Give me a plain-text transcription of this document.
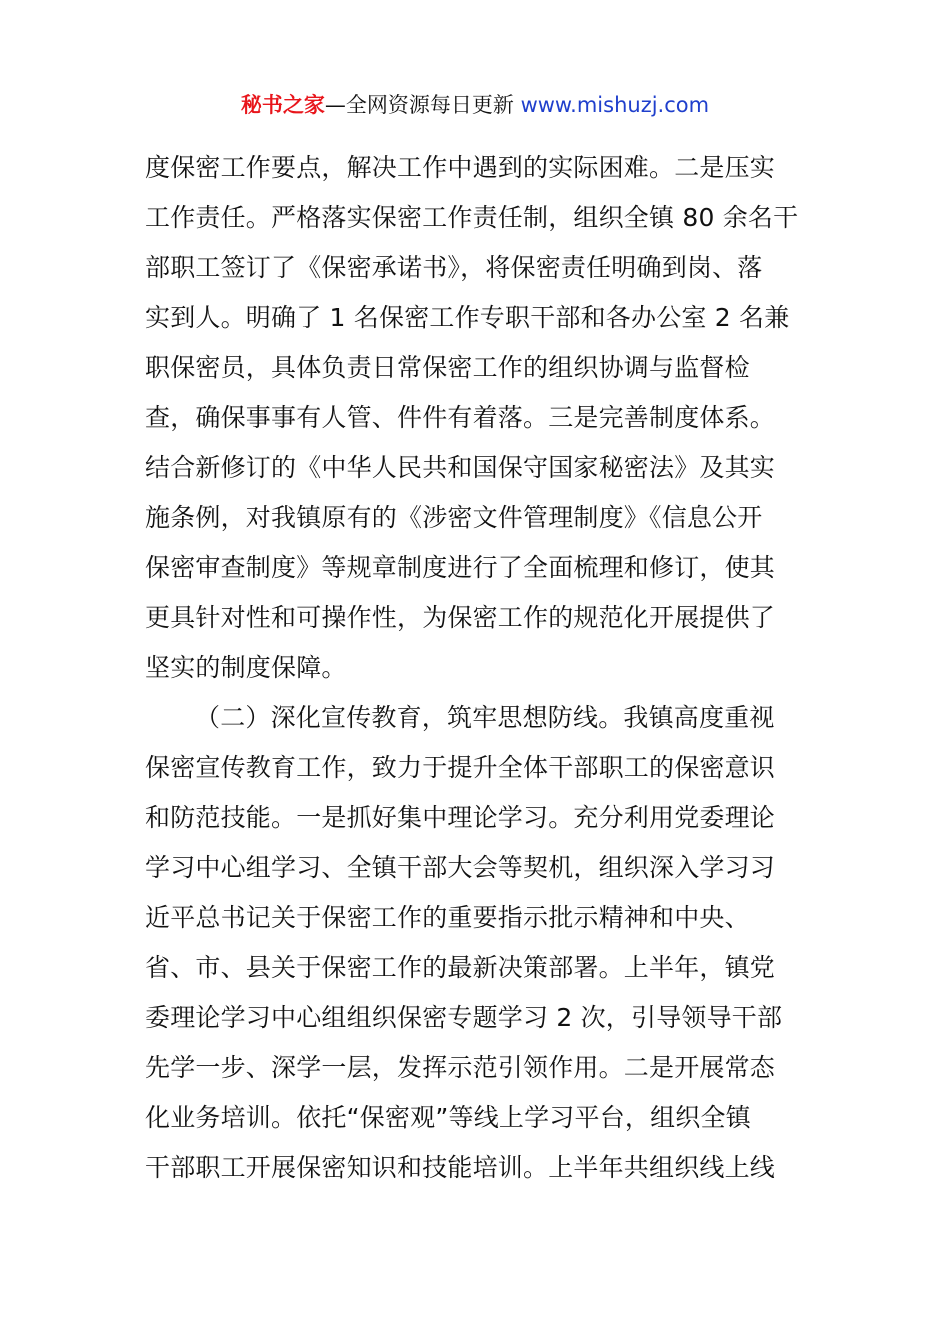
秘书之家—全网资源每日更新 www.mishuzj.com
度保密工作要点，解决工作中遇到的实际困难。二是压实
工作责任。严格落实保密工作责任制，组织全镇 80 余名干
部职工签订了《保密承诺书》，将保密责任明确到岗、落
实到人。明确了 1 名保密工作专职干部和各办公室 2 名兼
职保密员，具体负责日常保密工作的组织协调与监督检
查，确保事事有人管、件件有着落。三是完善制度体系。
结合新修订的《中华人民共和国保守国家秘密法》及其实
施条例，对我镇原有的《涉密文件管理制度》《信息公开
保密审查制度》等规章制度进行了全面梳理和修订，使其
更具针对性和可操作性，为保密工作的规范化开展提供了
坚实的制度保障。
（二）深化宣传教育，筑牢思想防线。我镇高度重视
保密宣传教育工作，致力于提升全体干部职工的保密意识
和防范技能。一是抓好集中理论学习。充分利用党委理论
学习中心组学习、全镇干部大会等契机，组织深入学习习
近平总书记关于保密工作的重要指示批示精神和中央、
省、市、县关于保密工作的最新决策部署。上半年，镇党
委理论学习中心组组织保密专题学习 2 次，引导领导干部
先学一步、深学一层，发挥示范引领作用。二是开展常态
化业务培训。依托“保密观”等线上学习平台，组织全镇
干部职工开展保密知识和技能培训。上半年共组织线上线
